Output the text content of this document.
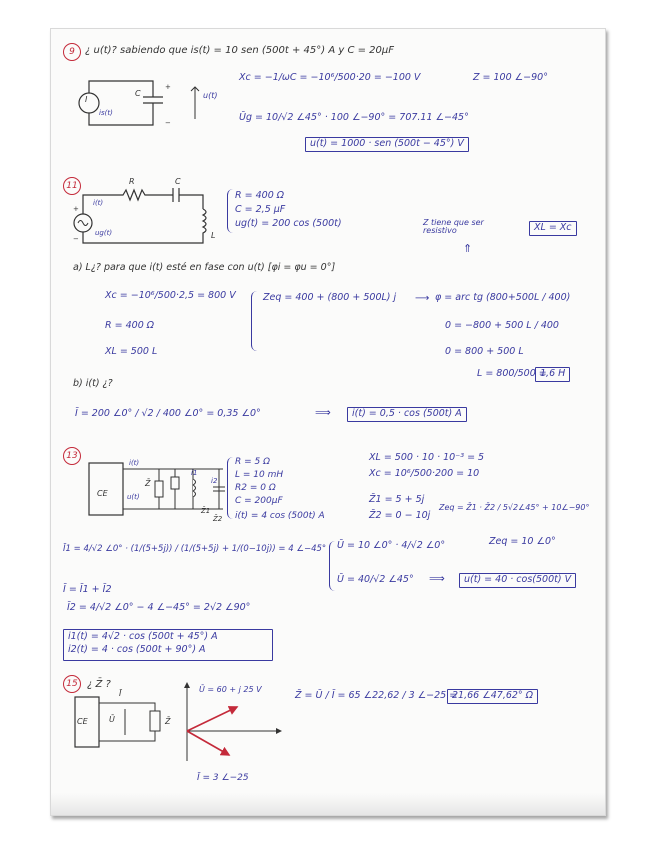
9	¿ u(t)? sabiendo que is(t) = 10 sen (500t + 45°) A y C = 20μF
I
is(t)
C	u(t)
+
−
Xc = −1/ωC = −10⁶/500·20 = −100 V	Z = 100 ∠−90°
Ūg = 10/√2 ∠45° · 100 ∠−90° = 707.11 ∠−45°
u(t) = 1000 · sen (500t − 45°) V
11	R	C
L
i(t)
ug(t)
+
−
R = 400 Ω
C = 2,5 μF
ug(t) = 200 cos (500t)	Z tiene que ser resistivo	XL = Xc
⇑
a) L¿? para que i(t) esté en fase con u(t) [φi = φu = 0°]
Xc = −10⁶/500·2,5 = 800 V
R = 400 Ω
XL = 500 L
Zeq = 400 + (800 + 500L) j ⟶ φ = arc tg (800+500L / 400)
0 = −800 + 500 L / 400
0 = 800 + 500 L
L = 800/500 =
1,6 H
b) i(t) ¿?
Ī = 200 ∠0° / √2 / 400 ∠0° = 0,35 ∠0°	⟹	i(t) = 0,5 · cos (500t) A
13
CE
i(t)
u(t)
Z̄
Z̄1
Z̄2
i1
i2
R = 5 Ω
L = 10 mH
R2 = 0 Ω
C = 200μF
i(t) = 4 cos (500t) A
XL = 500 · 10 · 10⁻³ = 5
Xc = 10⁶/500·200 = 10
Z̄1 = 5 + 5j
Z̄2 = 0 − 10j
Zeq = Z̄1 · Z̄2 / 5√2∠45° + 10∠−90°
Zeq = 10 ∠0°
Ī1 = 4/√2 ∠0° · (1/(5+5j)) / (1/(5+5j) + 1/(0−10j)) = 4 ∠−45° Ū = 10 ∠0° · 4/√2 ∠0°
Ū = 40/√2 ∠45° ⟹	u(t) = 40 · cos(500t) V
Ī = Ī1 + Ī2
Ī2 = 4/√2 ∠0° − 4 ∠−45° = 2√2 ∠90°
i1(t) = 4√2 · cos (500t + 45°) A
i2(t) = 4 · cos (500t + 90°) A
15 ¿ Z̄ ?
CE
Ī
Ū	Z̄
Ū = 60 + j 25 V
Ī = 3 ∠−25
Z̄ = Ū / Ī = 65 ∠22,62 / 3 ∠−25 =
21,66 ∠47,62° Ω
